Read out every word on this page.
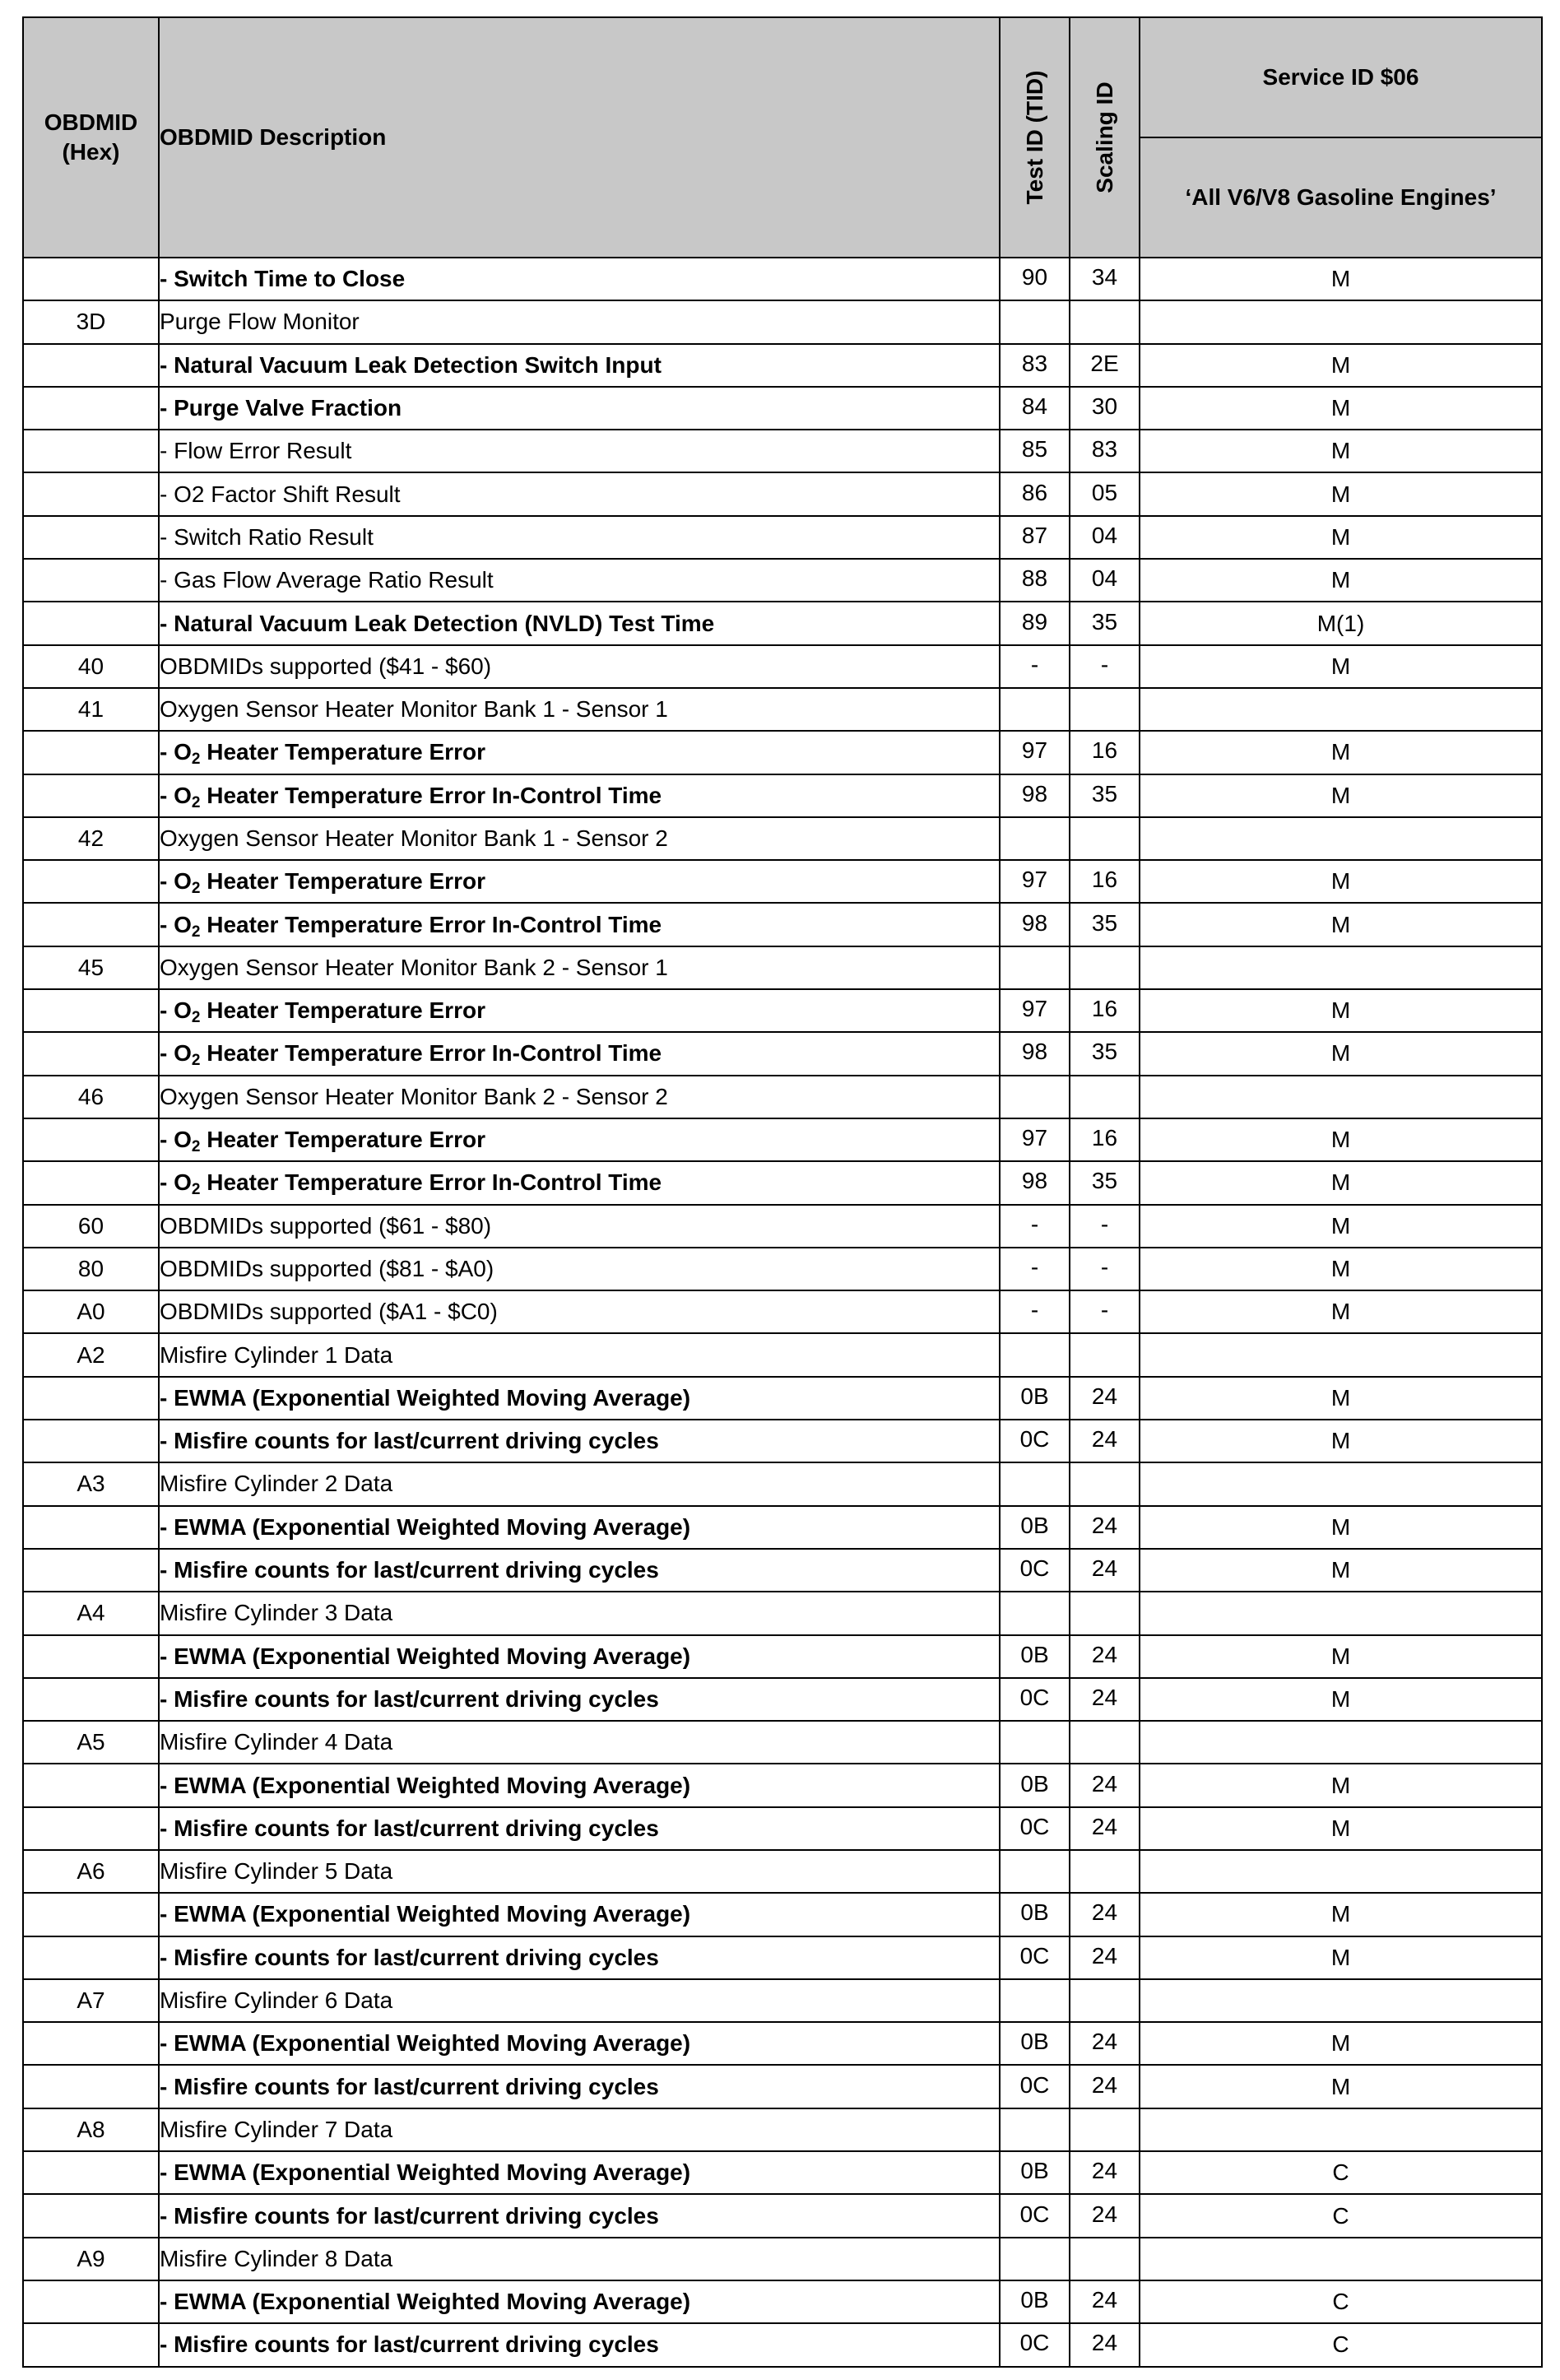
OBDMID
(Hex)	OBDMID Description	Test ID (TID)	Scaling ID	Service ID $06
				‘All V6/V8 Gasoline Engines’
	- Switch Time to Close	90	34	M
3D	Purge Flow Monitor			
	- Natural Vacuum Leak Detection Switch Input	83	2E	M
	- Purge Valve Fraction	84	30	M
	- Flow Error Result	85	83	M
	- O2 Factor Shift Result	86	05	M
	- Switch Ratio Result	87	04	M
	- Gas Flow Average Ratio Result	88	04	M
	- Natural Vacuum Leak Detection (NVLD) Test Time	89	35	M(1)
40	OBDMIDs supported ($41 - $60)	-	-	M
41	Oxygen Sensor Heater Monitor Bank 1 - Sensor 1			
	- $O_2$ Heater Temperature Error	97	16	M
	- $O_2$ Heater Temperature Error In-Control Time	98	35	M
42	Oxygen Sensor Heater Monitor Bank 1 - Sensor 2			
	- $O_2$ Heater Temperature Error	97	16	M
	- $O_2$ Heater Temperature Error In-Control Time	98	35	M
45	Oxygen Sensor Heater Monitor Bank 2 - Sensor 1			
	- $O_2$ Heater Temperature Error	97	16	M
	- $O_2$ Heater Temperature Error In-Control Time	98	35	M
46	Oxygen Sensor Heater Monitor Bank 2 - Sensor 2			
	- $O_2$ Heater Temperature Error	97	16	M
	- $O_2$ Heater Temperature Error In-Control Time	98	35	M
60	OBDMIDs supported ($61 - $80)	-	-	M
80	OBDMIDs supported ($81 - $A0)	-	-	M
A0	OBDMIDs supported ($A1 - $C0)	-	-	M
A2	Misfire Cylinder 1 Data			
	- EWMA (Exponential Weighted Moving Average)	0B	24	M
	- Misfire counts for last/current driving cycles	0C	24	M
A3	Misfire Cylinder 2 Data			
	- EWMA (Exponential Weighted Moving Average)	0B	24	M
	- Misfire counts for last/current driving cycles	0C	24	M
A4	Misfire Cylinder 3 Data			
	- EWMA (Exponential Weighted Moving Average)	0B	24	M
	- Misfire counts for last/current driving cycles	0C	24	M
A5	Misfire Cylinder 4 Data			
	- EWMA (Exponential Weighted Moving Average)	0B	24	M
	- Misfire counts for last/current driving cycles	0C	24	M
A6	Misfire Cylinder 5 Data			
	- EWMA (Exponential Weighted Moving Average)	0B	24	M
	- Misfire counts for last/current driving cycles	0C	24	M
A7	Misfire Cylinder 6 Data			
	- EWMA (Exponential Weighted Moving Average)	0B	24	M
	- Misfire counts for last/current driving cycles	0C	24	M
A8	Misfire Cylinder 7 Data			
	- EWMA (Exponential Weighted Moving Average)	0B	24	C
	- Misfire counts for last/current driving cycles	0C	24	C
A9	Misfire Cylinder 8 Data			
	- EWMA (Exponential Weighted Moving Average)	0B	24	C
	- Misfire counts for last/current driving cycles	0C	24	C
